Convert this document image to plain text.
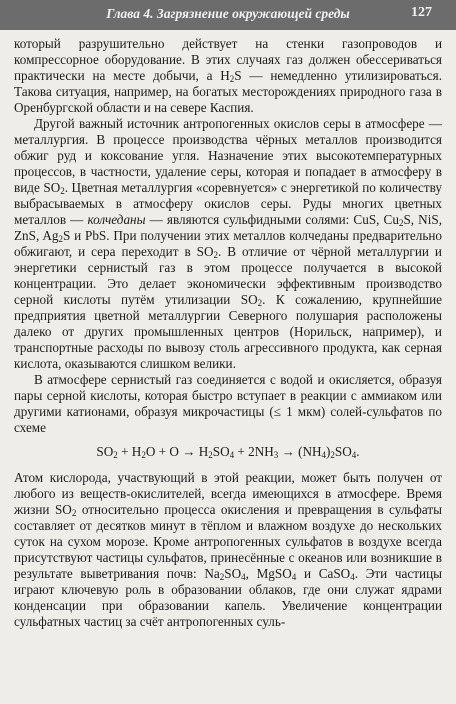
Глава 4. Загрязнение окружающей среды	127

который разрушительно действует на стенки газопроводов и компрессорное оборудование. В этих случаях газ должен обессериваться практически на месте добычи, а $H_2S$ — немедленно утилизироваться. Такова ситуация, например, на богатых месторождениях природного газа в Оренбургской области и на севере Каспия.

Другой важный источник антропогенных окислов серы в атмосфере — металлургия. В процессе производства чёрных металлов производится обжиг руд и коксование угля. Назначение этих высокотемпературных процессов, в частности, удаление серы, которая и попадает в атмосферу в виде $SO_2$. Цветная металлургия «соревнуется» с энергетикой по количеству выбрасываемых в атмосферу окислов серы. Руды многих цветных металлов — колчеданы — являются сульфидными солями: CuS, $Cu_2S$, NiS, ZnS, $Ag_2S$ и PbS. При получении этих металлов колчеданы предварительно обжигают, и сера переходит в $SO_2$. В отличие от чёрной металлургии и энергетики сернистый газ в этом процессе получается в высокой концентрации. Это делает экономически эффективным производство серной кислоты путём утилизации $SO_2$. К сожалению, крупнейшие предприятия цветной металлургии Северного полушария расположены далеко от других промышленных центров (Норильск, например), и транспортные расходы по вывозу столь агрессивного продукта, как серная кислота, оказываются слишком велики.

В атмосфере сернистый газ соединяется с водой и окисляется, образуя пары серной кислоты, которая быстро вступает в реакции с аммиаком или другими катионами, образуя микрочастицы (≤ 1 мкм) солей-сульфатов по схеме

$SO_2 + H_2O + O \to H_2SO_4 + 2NH_3 \to (NH_4)_2SO_4$.

Атом кислорода, участвующий в этой реакции, может быть получен от любого из веществ-окислителей, всегда имеющихся в атмосфере. Время жизни $SO_2$ относительно процесса окисления и превращения в сульфаты составляет от десятков минут в тёплом и влажном воздухе до нескольких суток на сухом морозе. Кроме антропогенных сульфатов в воздухе всегда присутствуют частицы сульфатов, принесённые с океанов или возникшие в результате выветривания почв: $Na_2SO_4$, MgSO$_4$ и CaSO$_4$. Эти частицы играют ключевую роль в образовании облаков, где они служат ядрами конденсации при образовании капель. Увеличение концентрации сульфатных частиц за счёт антропогенных суль-
